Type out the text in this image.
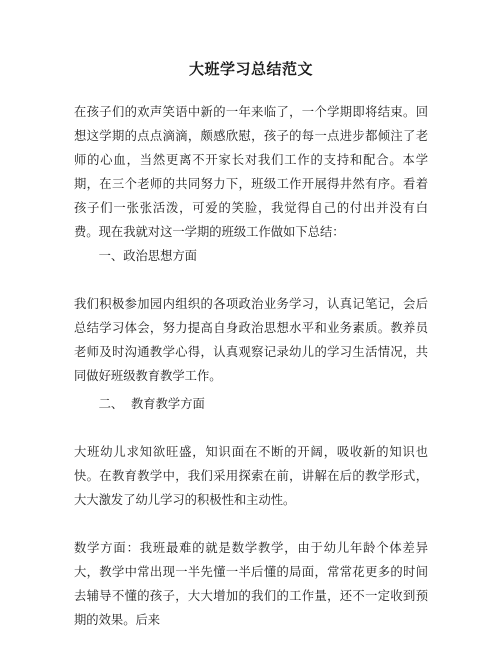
大班学习总结范文

在孩子们的欢声笑语中新的一年来临了，一个学期即将结束。回想这学期的点点滴滴，颇感欣慰，孩子的每一点进步都倾注了老师的心血，当然更离不开家长对我们工作的支持和配合。本学期，在三个老师的共同努力下，班级工作开展得井然有序。看着孩子们一张张活泼，可爱的笑脸，我觉得自己的付出并没有白费。现在我就对这一学期的班级工作做如下总结：

一、政治思想方面

我们积极参加园内组织的各项政治业务学习，认真记笔记，会后总结学习体会，努力提高自身政治思想水平和业务素质。教养员老师及时沟通教学心得，认真观察记录幼儿的学习生活情况，共同做好班级教育教学工作。

二、  教育教学方面

大班幼儿求知欲旺盛，知识面在不断的开阔，吸收新的知识也快。在教育教学中，我们采用探索在前，讲解在后的教学形式，大大激发了幼儿学习的积极性和主动性。

数学方面：我班最难的就是数学教学，由于幼儿年龄个体差异大，教学中常出现一半先懂一半后懂的局面，常常花更多的时间去辅导不懂的孩子，大大增加的我们的工作量，还不一定收到预期的效果。后来
